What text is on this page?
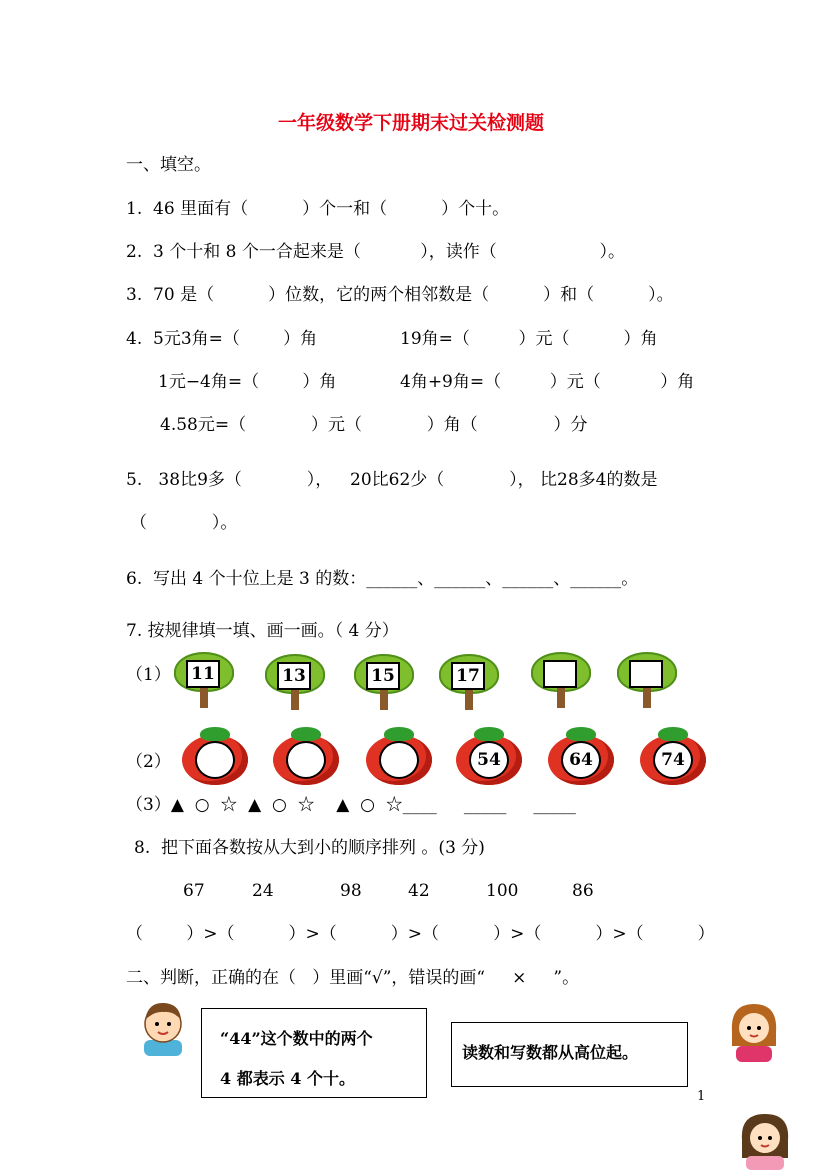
一年级数学下册期末过关检测题
一、填空。
1.  46 里面有（          ）个一和（          ）个十。
2.  3 个十和 8 个一合起来是（           ），读作（                   ）。
3.  70 是（          ）位数，它的两个相邻数是（          ）和（          ）。
4.  5元3角=（        ）角	19角=（         ）元（          ）角
1元−4角=（        ）角	4角+9角=（         ）元（           ）角
4.58元=（            ）元（            ）角（              ）分
5.   38比9多（            ）， 20比62少（            ）， 比28多4的数是
（            ）。
6.  写出 4 个十位上是 3 的数：______、______、______、______。
7. 按规律填一填、画一画。（ 4 分）
（1）	11	13	15	17
（2）	54	64	74
（3）▲  ○  ☆  ▲  ○  ☆    ▲  ○  ☆____     _____     _____
8.  把下面各数按从大到小的顺序排列 。(3 分)
67	24	98	42	100	86
（        ）>（          ）>（          ）>（          ）>（          ）>（          ）
二、判断，正确的在（   ）里画“√”，错误的画“     ×     ”。
“44”这个数中的两个
4 都表示 4 个十。
读数和写数都从高位起。
1
